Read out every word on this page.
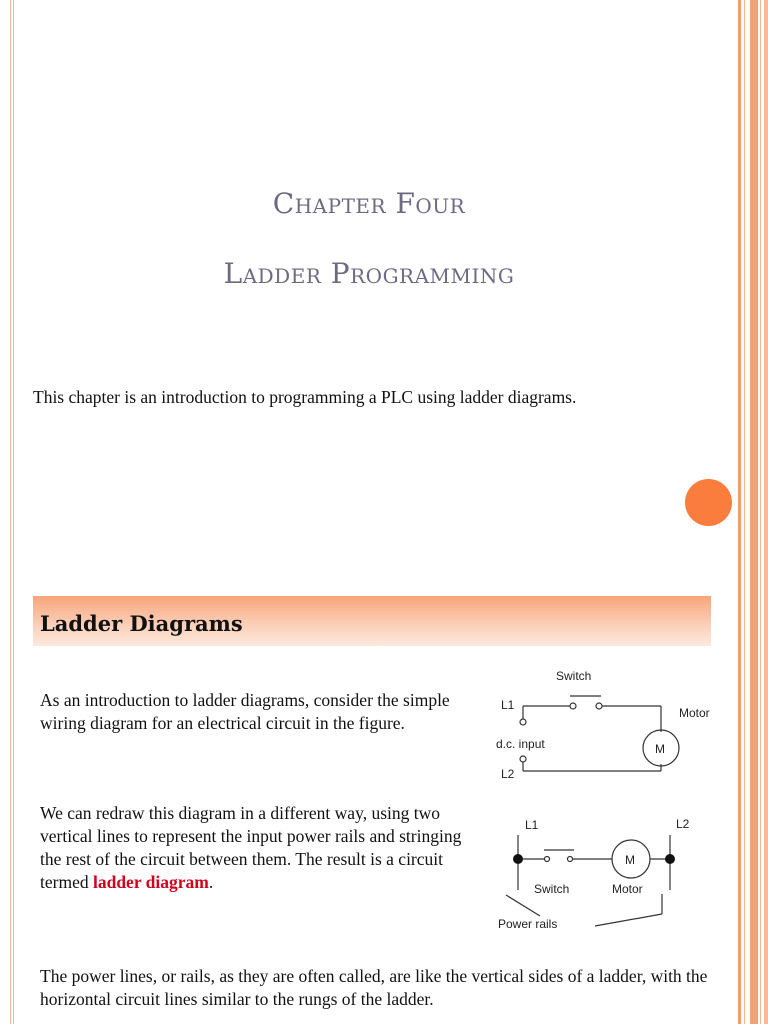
Chapter Four
Ladder Programming
This chapter is an introduction to programming a PLC using ladder diagrams.
Ladder Diagrams
As an introduction to ladder diagrams, consider the simple wiring diagram for an electrical circuit in the figure.
We can redraw this diagram in a different way, using two vertical lines to represent the input power rails and stringing the rest of the circuit between them. The result is a circuit termed ladder diagram.
The power lines, or rails, as they are often called, are like the vertical sides of a ladder, with the horizontal circuit lines similar to the rungs of the ladder.
Switch
L1
Motor
d.c. input	M
L2
L1	L2
M
Switch	Motor
Power rails
